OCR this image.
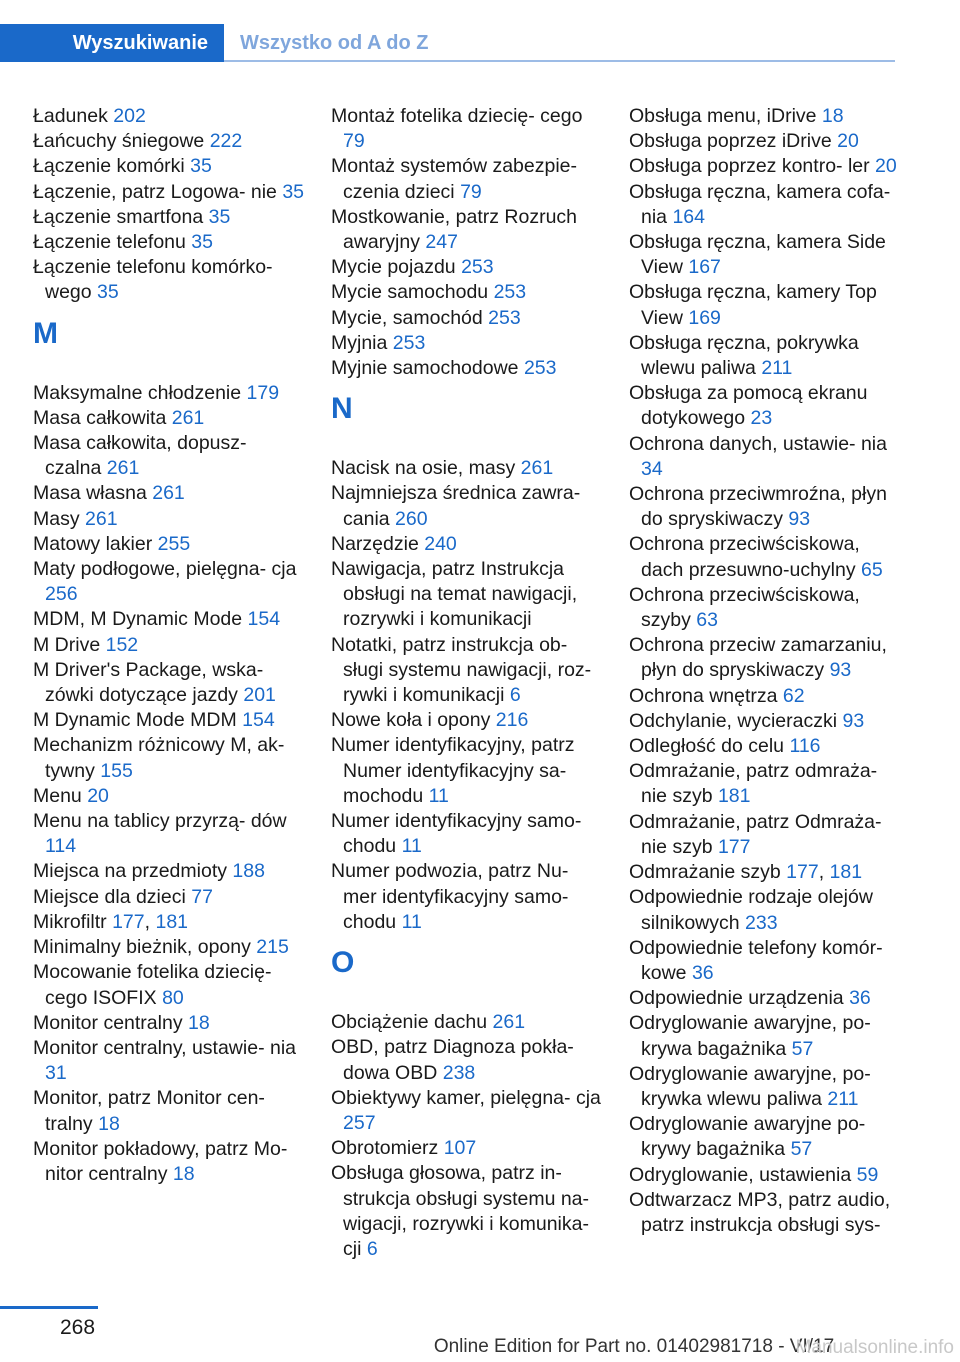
Wyszukiwanie	Wszystko od A do Z
Ładunek 202
Łańcuchy śniegowe 222
Łączenie komórki 35
Łączenie, patrz Logowa‐ nie 35
Łączenie smartfona 35
Łączenie telefonu 35
Łączenie telefonu komórko‐ wego 35
M
Maksymalne chłodzenie 179
Masa całkowita 261
Masa całkowita, dopusz‐ czalna 261
Masa własna 261
Masy 261
Matowy lakier 255
Maty podłogowe, pielęgna‐ cja 256
MDM, M Dynamic Mode 154
M Drive 152
M Driver's Package, wska‐ zówki dotyczące jazdy 201
M Dynamic Mode MDM 154
Mechanizm różnicowy M, ak‐ tywny 155
Menu 20
Menu na tablicy przyrzą‐ dów 114
Miejsca na przedmioty 188
Miejsce dla dzieci 77
Mikrofiltr 177, 181
Minimalny bieżnik, opony 215
Mocowanie fotelika dziecię‐ cego ISOFIX 80
Monitor centralny 18
Monitor centralny, ustawie‐ nia 31
Monitor, patrz Monitor cen‐ tralny 18
Monitor pokładowy, patrz Mo‐ nitor centralny 18
Montaż fotelika dziecię‐ cego 79
Montaż systemów zabezpie‐ czenia dzieci 79
Mostkowanie, patrz Rozruch awaryjny 247
Mycie pojazdu 253
Mycie samochodu 253
Mycie, samochód 253
Myjnia 253
Myjnie samochodowe 253
N
Nacisk na osie, masy 261
Najmniejsza średnica zawra‐ cania 260
Narzędzie 240
Nawigacja, patrz Instrukcja obsługi na temat nawigacji, rozrywki i komunikacji
Notatki, patrz instrukcja ob‐ sługi systemu nawigacji, roz‐ rywki i komunikacji 6
Nowe koła i opony 216
Numer identyfikacyjny, patrz Numer identyfikacyjny sa‐ mochodu 11
Numer identyfikacyjny samo‐ chodu 11
Numer podwozia, patrz Nu‐ mer identyfikacyjny samo‐ chodu 11
O
Obciążenie dachu 261
OBD, patrz Diagnoza pokła‐ dowa OBD 238
Obiektywy kamer, pielęgna‐ cja 257
Obrotomierz 107
Obsługa głosowa, patrz in‐ strukcja obsługi systemu na‐ wigacji, rozrywki i komunika‐ cji 6
Obsługa menu, iDrive 18
Obsługa poprzez iDrive 20
Obsługa poprzez kontro‐ ler 20
Obsługa ręczna, kamera cofa‐ nia 164
Obsługa ręczna, kamera Side View 167
Obsługa ręczna, kamery Top View 169
Obsługa ręczna, pokrywka wlewu paliwa 211
Obsługa za pomocą ekranu dotykowego 23
Ochrona danych, ustawie‐ nia 34
Ochrona przeciwmroźna, płyn do spryskiwaczy 93
Ochrona przeciwściskowa, dach przesuwno-uchylny 65
Ochrona przeciwściskowa, szyby 63
Ochrona przeciw zamarzaniu, płyn do spryskiwaczy 93
Ochrona wnętrza 62
Odchylanie, wycieraczki 93
Odległość do celu 116
Odmrażanie, patrz odmraża‐ nie szyb 181
Odmrażanie, patrz Odmraża‐ nie szyb 177
Odmrażanie szyb 177, 181
Odpowiednie rodzaje olejów silnikowych 233
Odpowiednie telefony komór‐ kowe 36
Odpowiednie urządzenia 36
Odryglowanie awaryjne, po‐ krywa bagażnika 57
Odryglowanie awaryjne, po‐ krywka wlewu paliwa 211
Odryglowanie awaryjne po‐ krywy bagażnika 57
Odryglowanie, ustawienia 59
Odtwarzacz MP3, patrz audio, patrz instrukcja obsługi sys‐
268
Online Edition for Part no. 01402981718 - VI/17
Manualsonline.info
